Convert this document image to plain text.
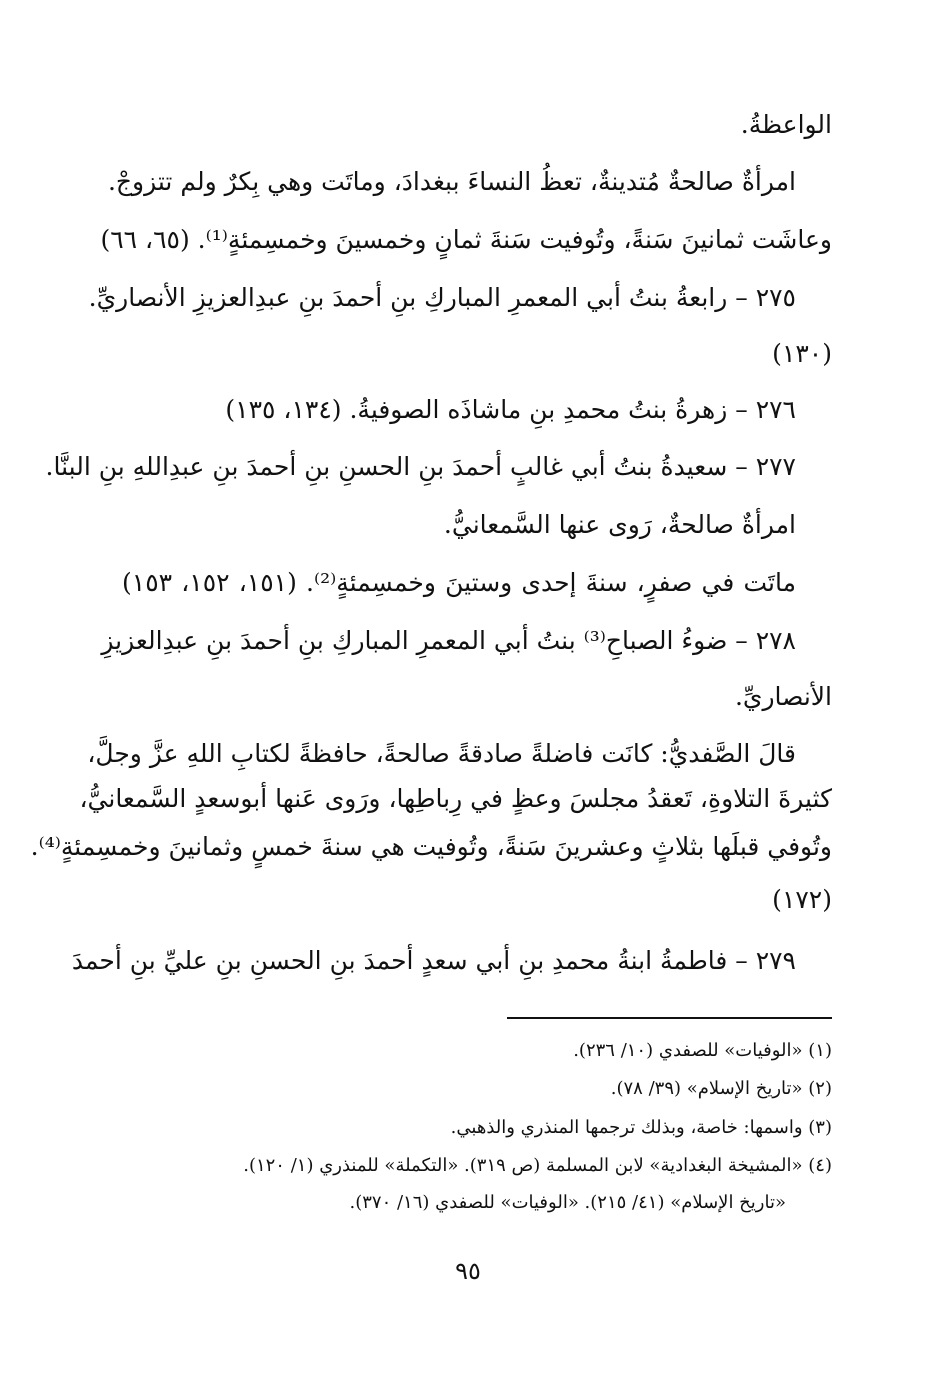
الواعظةُ.
امرأةٌ صالحةٌ مُتدينةٌ، تعظُ النساءَ ببغدادَ، وماتَت وهي بِكرٌ ولم تتزوجْ.
وعاشَت ثمانينَ سَنةً، وتُوفيت سَنةَ ثمانٍ وخمسينَ وخمسِمئةٍ⁽¹⁾. (٦٥، ٦٦)
٢٧٥ – رابعةُ بنتُ أبي المعمرِ المباركِ بنِ أحمدَ بنِ عبدِالعزيزِ الأنصاريِّ.
(١٣٠)
٢٧٦ – زهرةُ بنتُ محمدِ بنِ ماشاذَه الصوفيةُ. (١٣٤، ١٣٥)
٢٧٧ – سعيدةُ بنتُ أبي غالبٍ أحمدَ بنِ الحسنِ بنِ أحمدَ بنِ عبدِاللهِ بنِ البنَّا.
امرأةٌ صالحةٌ، رَوى عنها السَّمعانيُّ.
ماتَت في صفرٍ، سنةَ إحدى وستينَ وخمسِمئةٍ⁽²⁾. (١٥١، ١٥٢، ١٥٣)
٢٧٨ – ضوءُ الصباحِ⁽³⁾ بنتُ أبي المعمرِ المباركِ بنِ أحمدَ بنِ عبدِالعزيزِ
الأنصاريِّ.
قالَ الصَّفديُّ: كانَت فاضلةً صادقةً صالحةً، حافظةً لكتابِ اللهِ عزَّ وجلَّ،
كثيرةَ التلاوةِ، تَعقدُ مجلسَ وعظٍ في رِباطِها، ورَوى عَنها أبوسعدٍ السَّمعانيُّ،
وتُوفي قبلَها بثلاثٍ وعشرينَ سَنةً، وتُوفيت هي سنةَ خمسٍ وثمانينَ وخمسِمئةٍ⁽⁴⁾.
(١٧٢)
٢٧٩ – فاطمةُ ابنةُ محمدِ بنِ أبي سعدٍ أحمدَ بنِ الحسنِ بنِ عليِّ بنِ أحمدَ
(١) «الوفيات» للصفدي (١٠/ ٢٣٦).
(٢) «تاريخ الإسلام» (٣٩/ ٧٨).
(٣) واسمها: خاصة، وبذلك ترجمها المنذري والذهبي.
(٤) «المشيخة البغدادية» لابن المسلمة (ص ٣١٩). «التكملة» للمنذري (١/ ١٢٠).
«تاريخ الإسلام» (٤١/ ٢١٥). «الوفيات» للصفدي (١٦/ ٣٧٠).
٩٥
